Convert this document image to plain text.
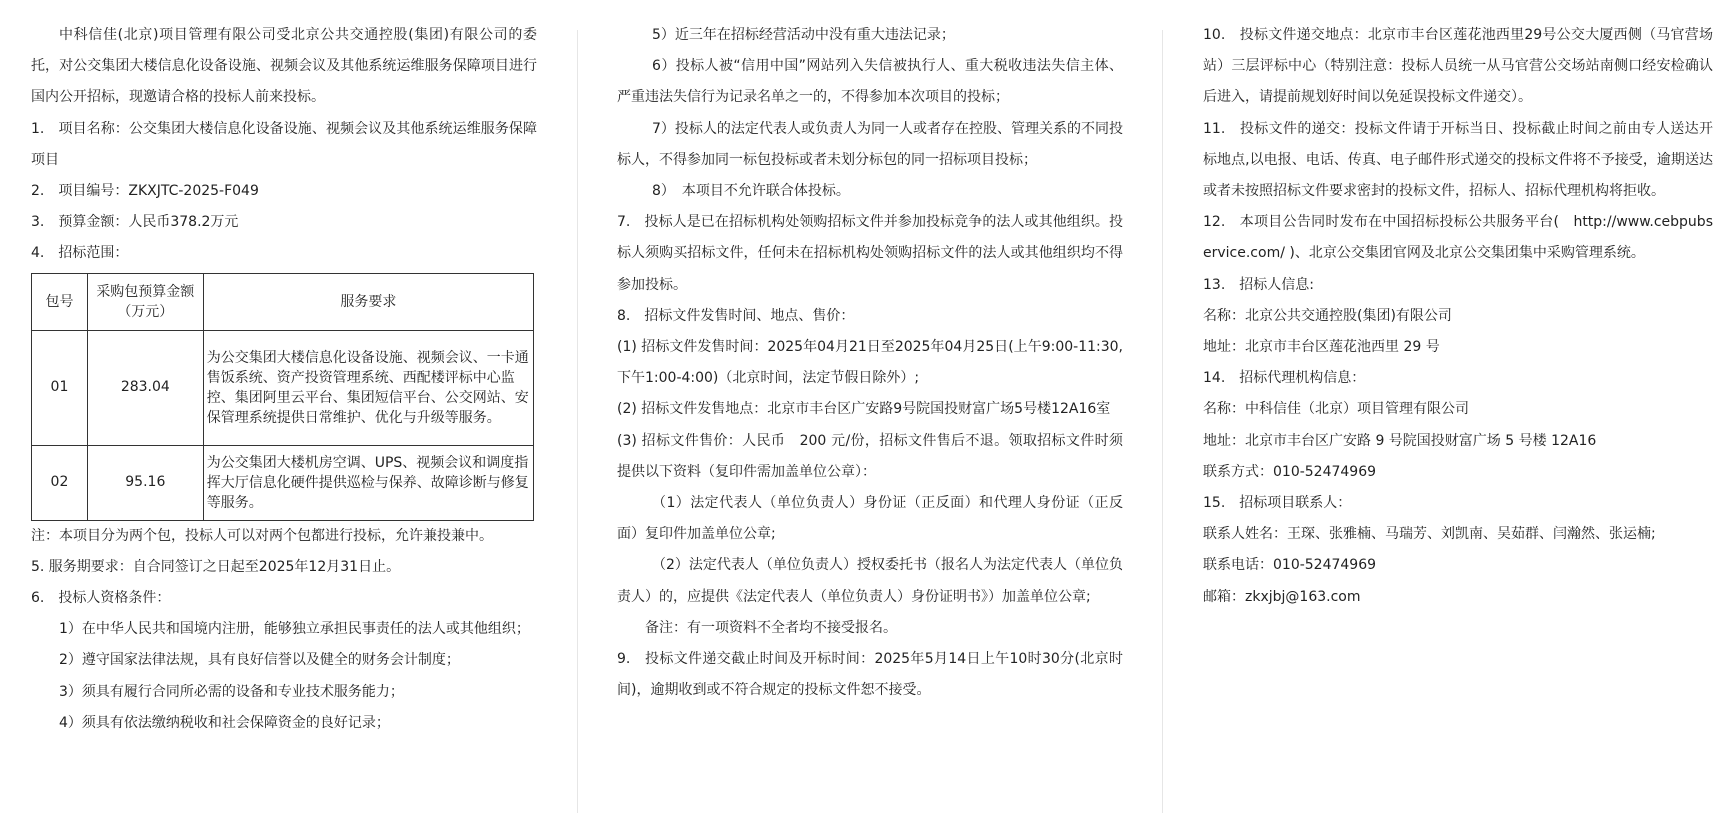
中科信佳(北京)项目管理有限公司受北京公共交通控股(集团)有限公司的委托，对公交集团大楼信息化设备设施、视频会议及其他系统运维服务保障项目进行国内公开招标，现邀请合格的投标人前来投标。

1.　项目名称：公交集团大楼信息化设备设施、视频会议及其他系统运维服务保障项目

2.　项目编号：ZKXJTC-2025-F049

3.　预算金额：人民币378.2万元

4.　招标范围：

包号	采购包预算金额（万元）	服务要求
01	283.04	为公交集团大楼信息化设备设施、视频会议、一卡通售饭系统、资产投资管理系统、西配楼评标中心监控、集团阿里云平台、集团短信平台、公交网站、安保管理系统提供日常维护、优化与升级等服务。
02	95.16	为公交集团大楼机房空调、UPS、视频会议和调度指挥大厅信息化硬件提供巡检与保养、故障诊断与修复等服务。

注：本项目分为两个包，投标人可以对两个包都进行投标，允许兼投兼中。

5. 服务期要求：自合同签订之日起至2025年12月31日止。

6.　投标人资格条件：

1）在中华人民共和国境内注册，能够独立承担民事责任的法人或其他组织；

2）遵守国家法律法规，具有良好信誉以及健全的财务会计制度；

3）须具有履行合同所必需的设备和专业技术服务能力；

4）须具有依法缴纳税收和社会保障资金的良好记录；

5）近三年在招标经营活动中没有重大违法记录；

6）投标人被“信用中国”网站列入失信被执行人、重大税收违法失信主体、严重违法失信行为记录名单之一的，不得参加本次项目的投标；

7）投标人的法定代表人或负责人为同一人或者存在控股、管理关系的不同投标人，不得参加同一标包投标或者未划分标包的同一招标项目投标；

8）　本项目不允许联合体投标。

7.　投标人是已在招标机构处领购招标文件并参加投标竞争的法人或其他组织。投标人须购买招标文件，任何未在招标机构处领购招标文件的法人或其他组织均不得参加投标。

8.　招标文件发售时间、地点、售价：

(1) 招标文件发售时间：2025年04月21日至2025年04月25日(上午9:00-11:30, 下午1:00-4:00)（北京时间，法定节假日除外）;

(2) 招标文件发售地点：北京市丰台区广安路9号院国投财富广场5号楼12A16室

(3) 招标文件售价：人民币　200 元/份，招标文件售后不退。领取招标文件时须提供以下资料（复印件需加盖单位公章）：

（1）法定代表人（单位负责人）身份证（正反面）和代理人身份证（正反面）复印件加盖单位公章;

（2）法定代表人（单位负责人）授权委托书（报名人为法定代表人（单位负责人）的，应提供《法定代表人（单位负责人）身份证明书》）加盖单位公章;

备注：有一项资料不全者均不接受报名。

9.　投标文件递交截止时间及开标时间：2025年5月14日上午10时30分(北京时间)，逾期收到或不符合规定的投标文件恕不接受。

10.　投标文件递交地点：北京市丰台区莲花池西里29号公交大厦西侧（马官营场站）三层评标中心（特别注意：投标人员统一从马官营公交场站南侧口经安检确认后进入，请提前规划好时间以免延误投标文件递交）。

11.　投标文件的递交：投标文件请于开标当日、投标截止时间之前由专人送达开标地点,以电报、电话、传真、电子邮件形式递交的投标文件将不予接受，逾期送达或者未按照招标文件要求密封的投标文件，招标人、招标代理机构将拒收。

12.　本项目公告同时发布在中国招标投标公共服务平台(　http://www.cebpubservice.com/ )、北京公交集团官网及北京公交集团集中采购管理系统。

13.　招标人信息:

名称：北京公共交通控股(集团)有限公司

地址：北京市丰台区莲花池西里 29 号

14.　招标代理机构信息：

名称：中科信佳（北京）项目管理有限公司

地址：北京市丰台区广安路 9 号院国投财富广场 5 号楼 12A16

联系方式：010-52474969

15.　招标项目联系人：

联系人姓名：王琛、张雅楠、马瑞芳、刘凯南、吴茹群、闫瀚然、张运楠;

联系电话：010-52474969

邮箱：zkxjbj@163.com
